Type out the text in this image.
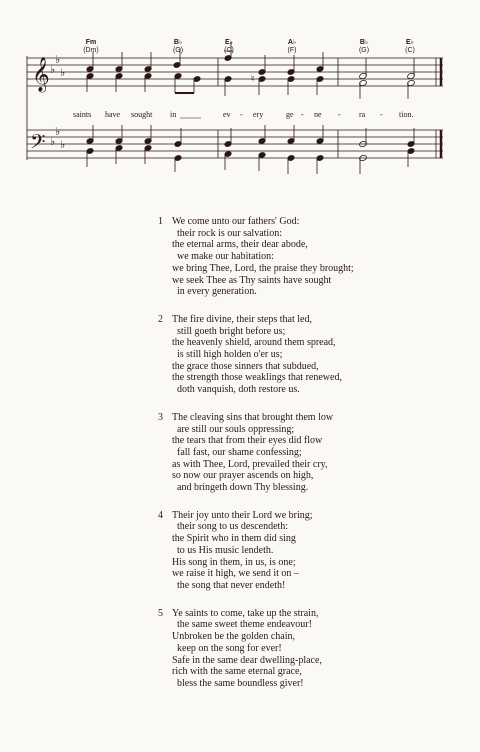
Fm
(Dm)
B♭
(G)
E♭
(C)
A♭
(F)
B♭
(G)
E♭
(C)
𝄞
𝄢
♭
♭
♭
♭
♭
♭
♮
saints have sought in	ev - ery	ge - ne - ra - tion.
1 We come unto our fathers' God:
their rock is our salvation:
the eternal arms, their dear abode,
we make our habitation:
we bring Thee, Lord, the praise they brought;
we seek Thee as Thy saints have sought
in every generation.
2 The fire divine, their steps that led,
still goeth bright before us;
the heavenly shield, around them spread,
is still high holden o'er us;
the grace those sinners that subdued,
the strength those weaklings that renewed,
doth vanquish, doth restore us.
3 The cleaving sins that brought them low
are still our souls oppressing;
the tears that from their eyes did flow
fall fast, our shame confessing;
as with Thee, Lord, prevailed their cry,
so now our prayer ascends on high,
and bringeth down Thy blessing.
4 Their joy unto their Lord we bring;
their song to us descendeth:
the Spirit who in them did sing
to us His music lendeth.
His song in them, in us, is one;
we raise it high, we send it on –
the song that never endeth!
5 Ye saints to come, take up the strain,
the same sweet theme endeavour!
Unbroken be the golden chain,
keep on the song for ever!
Safe in the same dear dwelling-place,
rich with the same eternal grace,
bless the same boundless giver!
